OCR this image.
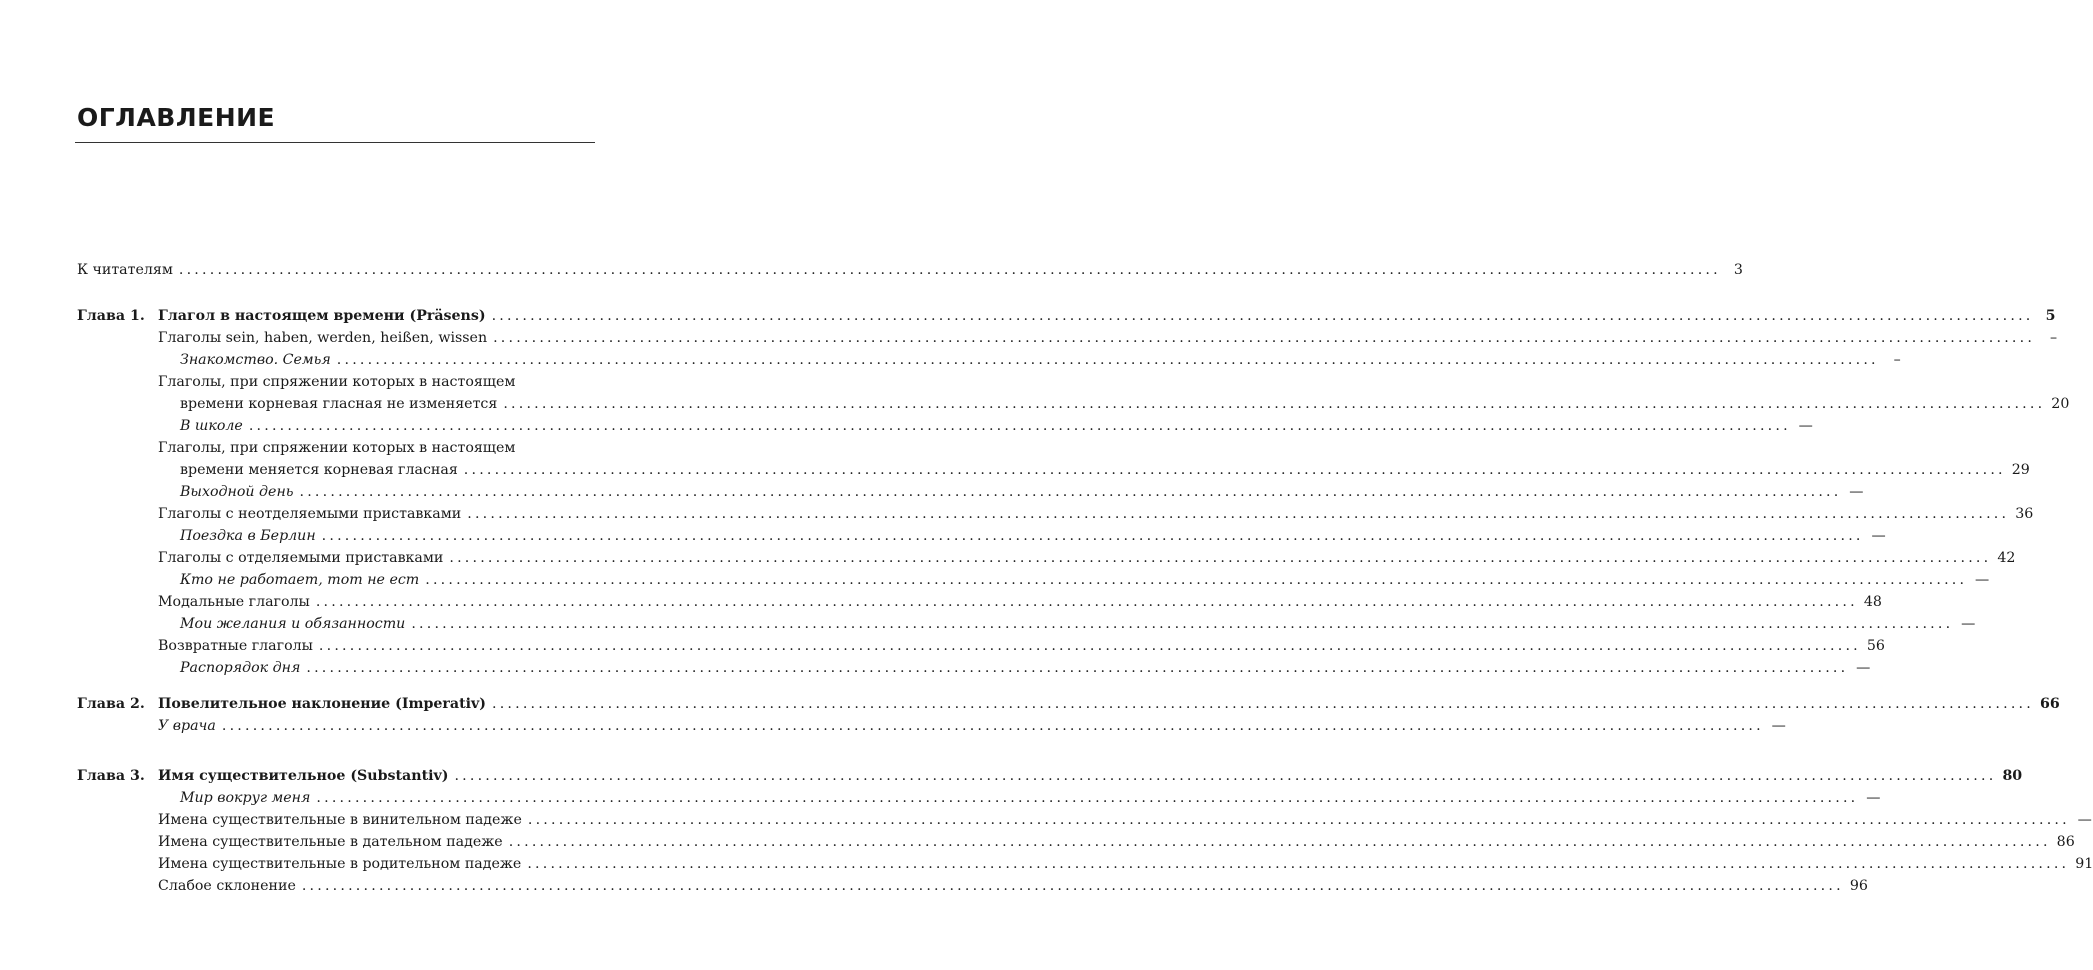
ОГЛАВЛЕНИЕ
Глава 1.
Глава 2.
Глава 3.
К читателям ........................................................................................................................................................................................................ 3
Глагол в настоящем времени (Präsens) ........................................................................................................................................................................................................ 5
Глаголы sein, haben, werden, heißen, wissen ........................................................................................................................................................................................................	–
Знакомство. Семья ........................................................................................................................................................................................................	–
Глаголы, при спряжении которых в настоящем
времени корневая гласная не изменяется ........................................................................................................................................................................................................ 20
В школе ........................................................................................................................................................................................................ —
Глаголы, при спряжении которых в настоящем
времени меняется корневая гласная ........................................................................................................................................................................................................ 29
Выходной день ........................................................................................................................................................................................................ —
Глаголы с неотделяемыми приставками ........................................................................................................................................................................................................ 36
Поездка в Берлин ........................................................................................................................................................................................................ —
Глаголы с отделяемыми приставками ........................................................................................................................................................................................................ 42
Кто не работает, тот не ест ........................................................................................................................................................................................................ —
Модальные глаголы ........................................................................................................................................................................................................ 48
Мои желания и обязанности ........................................................................................................................................................................................................ —
Возвратные глаголы ........................................................................................................................................................................................................ 56
Распорядок дня ........................................................................................................................................................................................................ —
Повелительное наклонение (Imperativ) ........................................................................................................................................................................................................ 66
У врача ........................................................................................................................................................................................................ —
Имя существительное (Substantiv) ........................................................................................................................................................................................................ 80
Мир вокруг меня ........................................................................................................................................................................................................ —
Имена существительные в винительном падеже ........................................................................................................................................................................................................ —
Имена существительные в дательном падеже ........................................................................................................................................................................................................ 86
Имена существительные в родительном падеже ........................................................................................................................................................................................................ 91
Слабое склонение ........................................................................................................................................................................................................ 96
